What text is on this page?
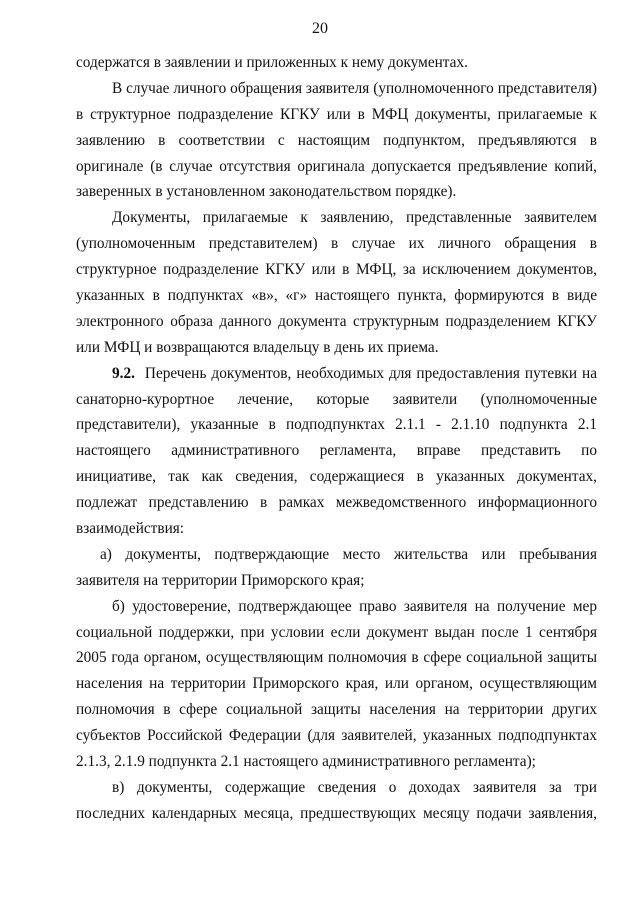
20
содержатся в заявлении и приложенных к нему документах.
В случае личного обращения заявителя (уполномоченного представителя)
в структурное подразделение КГКУ или в МФЦ документы, прилагаемые к
заявлению в соответствии с настоящим подпунктом, предъявляются в
оригинале (в случае отсутствия оригинала допускается предъявление копий,
заверенных в установленном законодательством порядке).
Документы, прилагаемые к заявлению, представленные заявителем
(уполномоченным представителем) в случае их личного обращения в
структурное подразделение КГКУ или в МФЦ, за исключением документов,
указанных в подпунктах «в», «г» настоящего пункта, формируются в виде
электронного образа данного документа структурным подразделением КГКУ
или МФЦ и возвращаются владельцу в день их приема.
9.2. Перечень документов, необходимых для предоставления путевки на
санаторно-курортное лечение, которые заявители (уполномоченные
представители), указанные в подподпунктах 2.1.1 - 2.1.10 подпункта 2.1
настоящего административного регламента, вправе представить по
инициативе, так как сведения, содержащиеся в указанных документах,
подлежат представлению в рамках межведомственного информационного
взаимодействия:
а) документы, подтверждающие место жительства или пребывания
заявителя на территории Приморского края;
б) удостоверение, подтверждающее право заявителя на получение мер
социальной поддержки, при условии если документ выдан после 1 сентября
2005 года органом, осуществляющим полномочия в сфере социальной защиты
населения на территории Приморского края, или органом, осуществляющим
полномочия в сфере социальной защиты населения на территории других
субъектов Российской Федерации (для заявителей, указанных подподпунктах
2.1.3, 2.1.9 подпункта 2.1 настоящего административного регламента);
в) документы, содержащие сведения о доходах заявителя за три
последних календарных месяца, предшествующих месяцу подачи заявления,
